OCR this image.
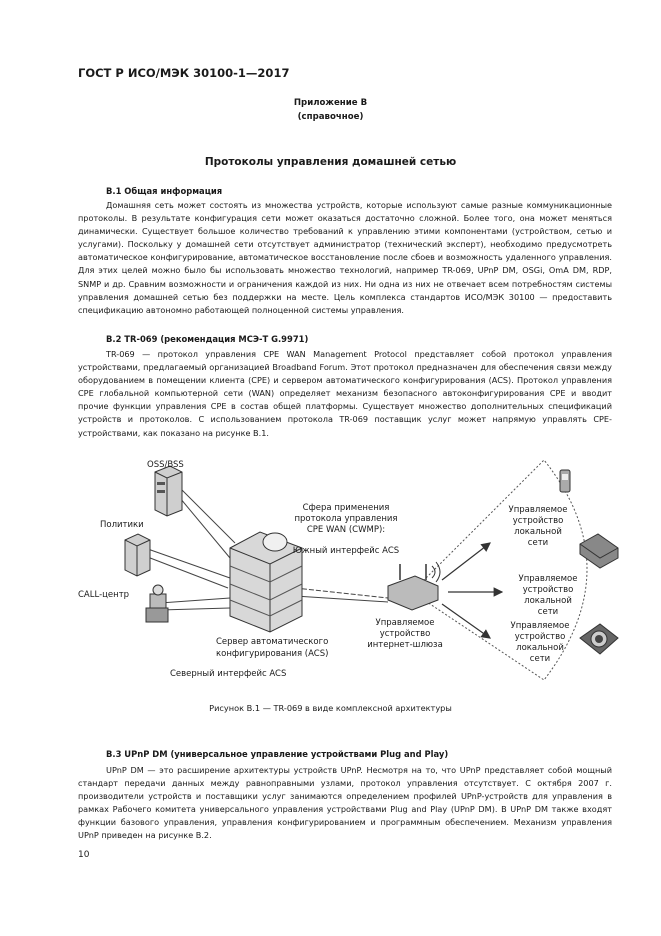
ГОСТ Р ИСО/МЭК 30100-1—2017
Приложение B
(справочное)
Протоколы управления домашней сетью
B.1 Общая информация

Домашняя сеть может состоять из множества устройств, которые используют самые разные коммуникационные протоколы. В результате конфигурация сети может оказаться достаточно сложной. Более того, она может меняться динамически. Существует большое количество требований к управлению этими компонентами (устройством, сетью и услугами). Поскольку у домашней сети отсутствует администратор (технический эксперт), необходимо предусмотреть автоматическое конфигурирование, автоматическое восстановление после сбоев и возможность удаленного управления. Для этих целей можно было бы использовать множество технологий, например TR-069, UPnP DM, OSGi, OmA DM, RDP, SNMP и др. Сравним возможности и ограничения каждой из них. Ни одна из них не отвечает всем потребностям системы управления домашней сетью без поддержки на месте. Цель комплекса стандартов ИСО/МЭК 30100 — предоставить спецификацию автономно работающей полноценной системы управления.

B.2 TR-069 (рекомендация МСЭ-T G.9971)

TR-069 — протокол управления CPE WAN Management Protocol представляет собой протокол управления устройствами, предлагаемый организацией Broadband Forum. Этот протокол предназначен для обеспечения связи между оборудованием в помещении клиента (CPE) и сервером автоматического конфигурирования (ACS). Протокол управления CPE глобальной компьютерной сети (WAN) определяет механизм безопасного автоконфигурирования CPE и вводит прочие функции управления CPE в состав общей платформы. Существует множество дополнительных спецификаций устройств и протоколов. С использованием протокола TR-069 поставщик услуг может напрямую управлять CPE-устройствами, как показано на рисунке B.1.

OSS/BSS
Политики
CALL-центр
Сервер автоматического
конфигурирования (ACS)
Северный интерфейс ACS
Сфера применения
протокола управления
CPE WAN (CWMP):
Южный интерфейс ACS
Управляемое
устройство
интернет-шлюза
Управляемое
устройство
локальной
сети
Управляемое
устройство
локальной
сети
Управляемое
устройство
локальной
сети
Рисунок B.1 — TR-069 в виде комплексной архитектуры
B.3 UPnP DM (универсальное управление устройствами Plug and Play)

UPnP DM — это расширение архитектуры устройств UPnP. Несмотря на то, что UPnP представляет собой мощный стандарт передачи данных между равноправными узлами, протокол управления отсутствует. С октября 2007 г. производители устройств и поставщики услуг занимаются определением профилей UPnP-устройств для управления в рамках Рабочего комитета универсального управления устройствами Plug and Play (UPnP DM). В UPnP DM также входят функции базового управления, управления конфигурированием и программным обеспечением. Механизм управления UPnP приведен на рисунке B.2.

10
